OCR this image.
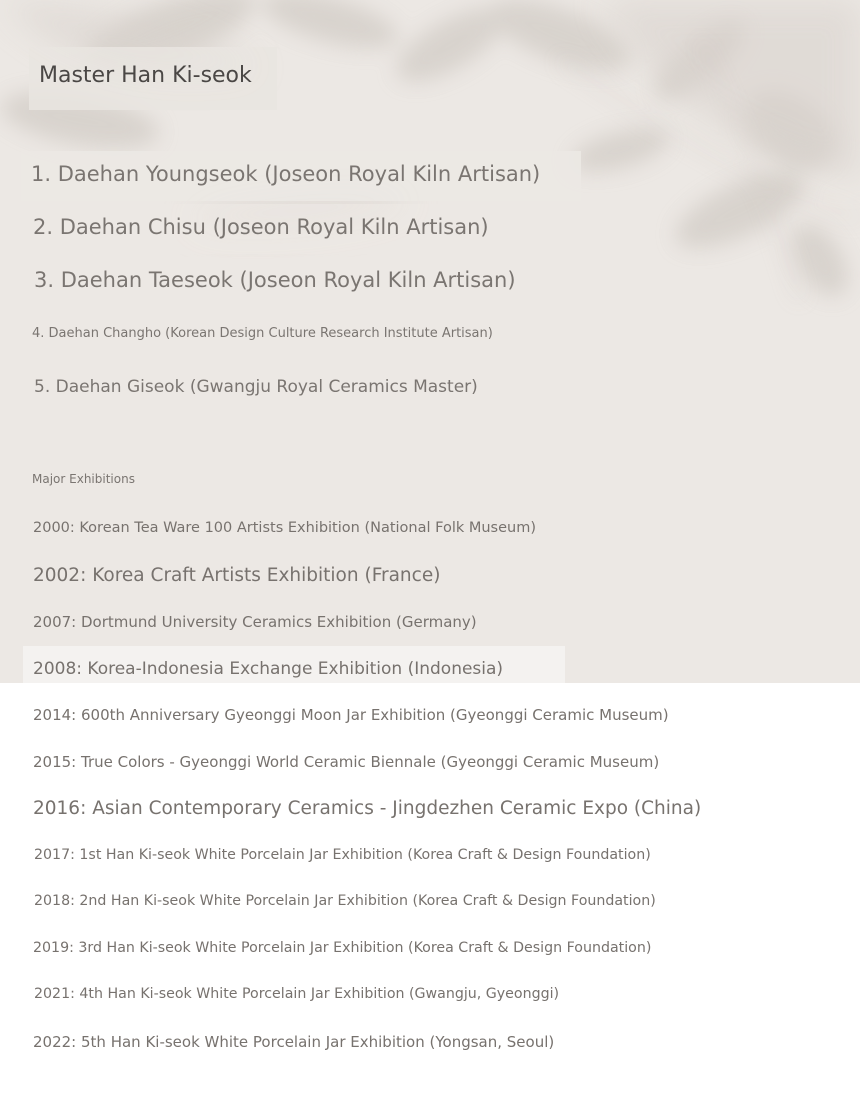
Master Han Ki-seok
1. Daehan Youngseok (Joseon Royal Kiln Artisan)
2. Daehan Chisu (Joseon Royal Kiln Artisan)
3. Daehan Taeseok (Joseon Royal Kiln Artisan)
4. Daehan Changho (Korean Design Culture Research Institute Artisan)
5. Daehan Giseok (Gwangju Royal Ceramics Master)
Major Exhibitions
2000: Korean Tea Ware 100 Artists Exhibition (National Folk Museum)
2002: Korea Craft Artists Exhibition (France)
2007: Dortmund University Ceramics Exhibition (Germany)
2008: Korea-Indonesia Exchange Exhibition (Indonesia)
2014: 600th Anniversary Gyeonggi Moon Jar Exhibition (Gyeonggi Ceramic Museum)
2015: True Colors - Gyeonggi World Ceramic Biennale (Gyeonggi Ceramic Museum)
2016: Asian Contemporary Ceramics - Jingdezhen Ceramic Expo (China)
2017: 1st Han Ki-seok White Porcelain Jar Exhibition (Korea Craft & Design Foundation)
2018: 2nd Han Ki-seok White Porcelain Jar Exhibition (Korea Craft & Design Foundation)
2019: 3rd Han Ki-seok White Porcelain Jar Exhibition (Korea Craft & Design Foundation)
2021: 4th Han Ki-seok White Porcelain Jar Exhibition (Gwangju, Gyeonggi)
2022: 5th Han Ki-seok White Porcelain Jar Exhibition (Yongsan, Seoul)
